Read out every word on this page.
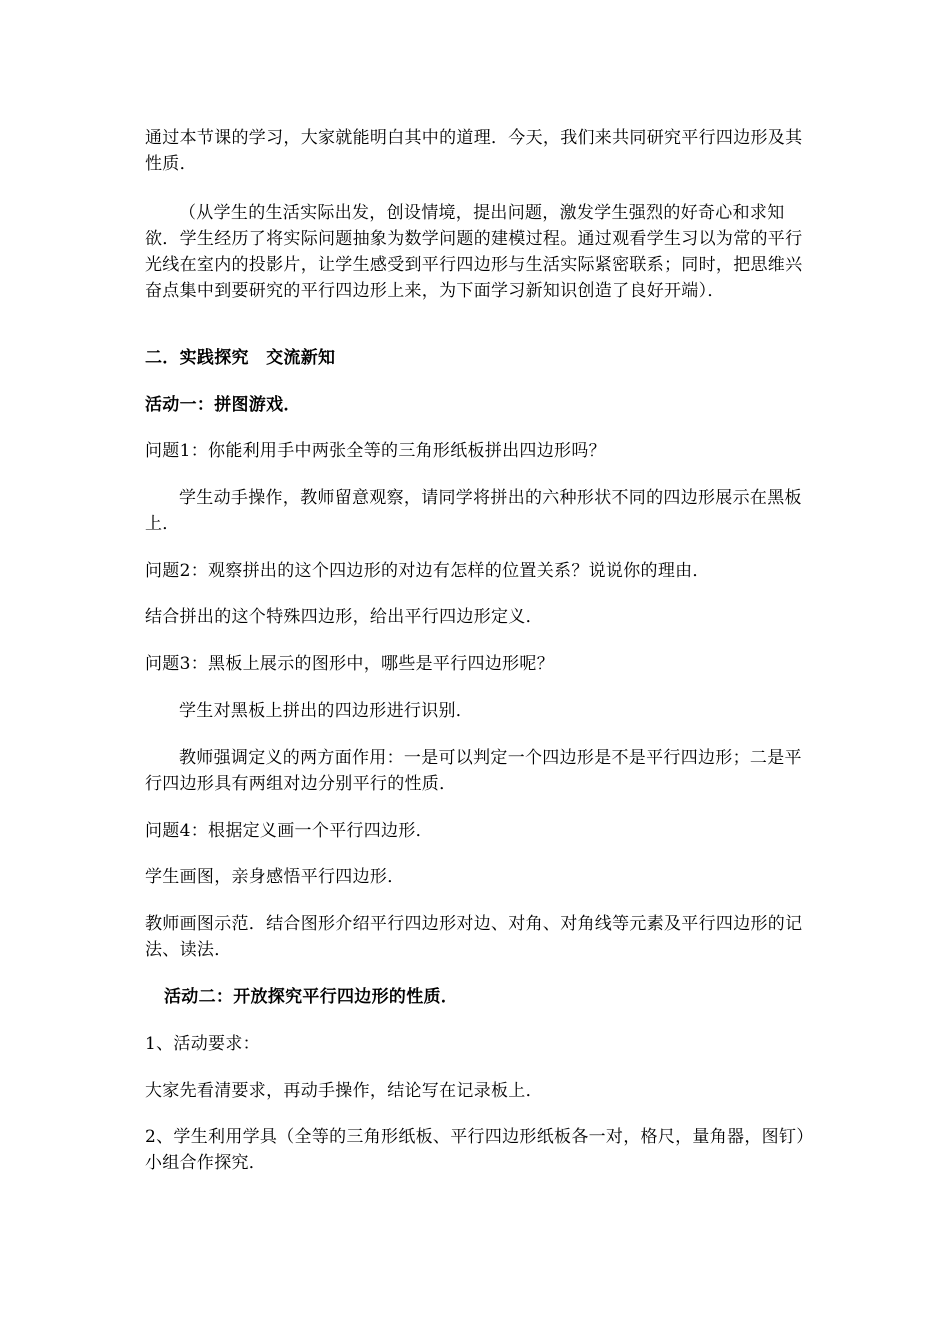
通过本节课的学习，大家就能明白其中的道理．今天，我们来共同研究平行四边形及其性质．

（从学生的生活实际出发，创设情境，提出问题，激发学生强烈的好奇心和求知欲．学生经历了将实际问题抽象为数学问题的建模过程。通过观看学生习以为常的平行光线在室内的投影片，让学生感受到平行四边形与生活实际紧密联系；同时，把思维兴奋点集中到要研究的平行四边形上来，为下面学习新知识创造了良好开端）．

二．实践探究　交流新知

活动一：拼图游戏．

问题1：你能利用手中两张全等的三角形纸板拼出四边形吗？

学生动手操作，教师留意观察，请同学将拼出的六种形状不同的四边形展示在黑板上．

问题2：观察拼出的这个四边形的对边有怎样的位置关系？说说你的理由．

结合拼出的这个特殊四边形，给出平行四边形定义．

问题3：黑板上展示的图形中，哪些是平行四边形呢？

学生对黑板上拼出的四边形进行识别．

教师强调定义的两方面作用：一是可以判定一个四边形是不是平行四边形；二是平行四边形具有两组对边分别平行的性质．

问题4：根据定义画一个平行四边形．

学生画图，亲身感悟平行四边形．

教师画图示范．结合图形介绍平行四边形对边、对角、对角线等元素及平行四边形的记法、读法．

活动二：开放探究平行四边形的性质．

1、活动要求：

大家先看清要求，再动手操作，结论写在记录板上．

2、学生利用学具（全等的三角形纸板、平行四边形纸板各一对，格尺，量角器，图钉）小组合作探究．
